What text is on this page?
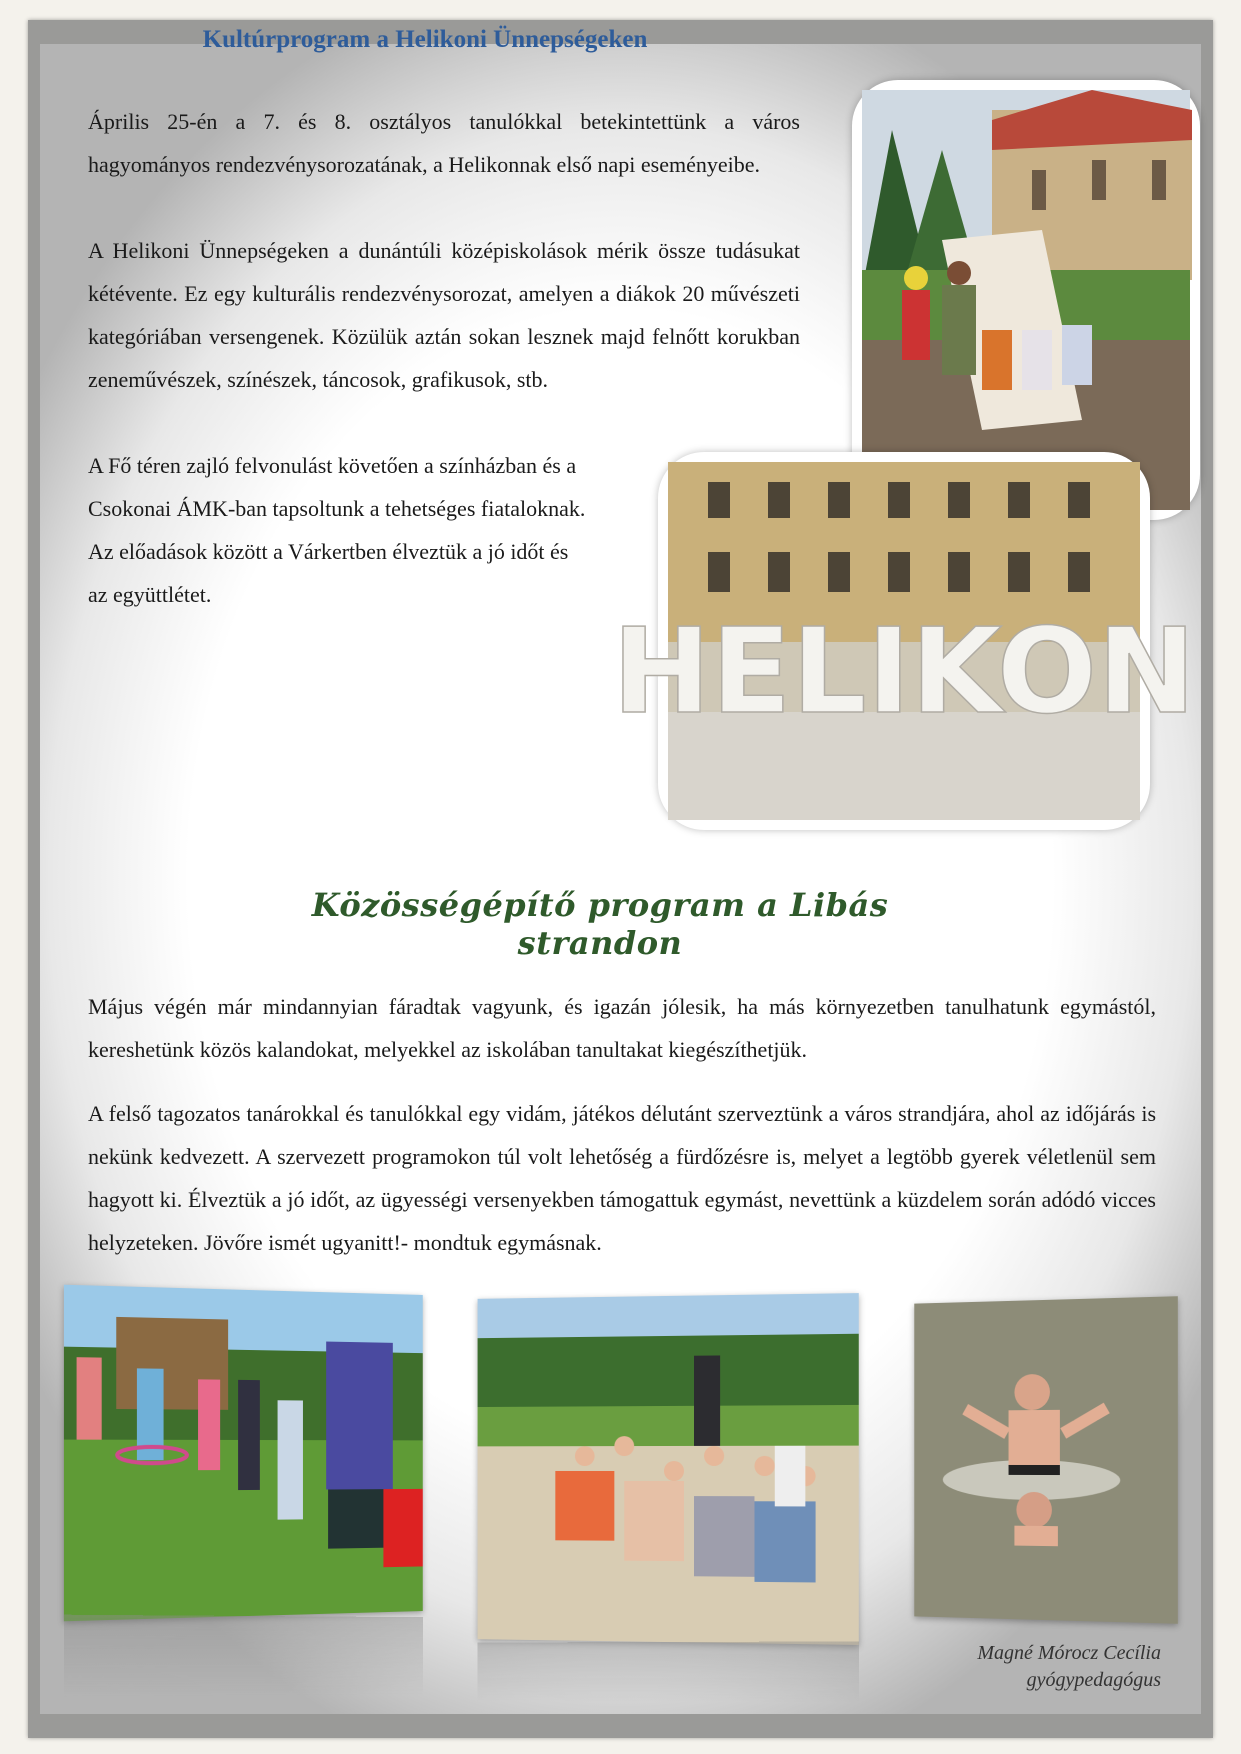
Kultúrprogram a Helikoni Ünnepségeken

Április 25-én a 7. és 8. osztályos tanulókkal betekintettünk a város hagyományos rendezvénysorozatának, a Helikonnak első napi eseményeibe.

A Helikoni Ünnepségeken a dunántúli középiskolások mérik össze tudásukat kétévente. Ez egy kulturális rendezvénysorozat, amelyen a diákok 20 művészeti kategóriában versengenek. Közülük aztán sokan lesznek majd felnőtt korukban zeneművészek, színészek, táncosok, grafikusok, stb.

A Fő téren zajló felvonulást követően a színházban és a
Csokonai ÁMK-ban tapsoltunk a tehetséges fiataloknak.
Az előadások között a Várkertben élveztük a jó időt és
az együttlétet.
HELIKON
Közösségépítő program a Libás strandon

Május végén már mindannyian fáradtak vagyunk, és igazán jólesik, ha más környezetben tanulhatunk egymástól, kereshetünk közös kalandokat, melyekkel az iskolában tanultakat kiegészíthetjük.

A felső tagozatos tanárokkal és tanulókkal egy vidám, játékos délutánt szerveztünk a város strandjára, ahol az időjárás is nekünk kedvezett. A szervezett programokon túl volt lehetőség a fürdőzésre is, melyet a legtöbb gyerek véletlenül sem hagyott ki. Élveztük a jó időt, az ügyességi versenyekben támogattuk egymást, nevettünk a küzdelem során adódó vicces helyzeteken. Jövőre ismét ugyanitt!- mondtuk egymásnak.

Magné Mórocz Cecília
gyógypedagógus
